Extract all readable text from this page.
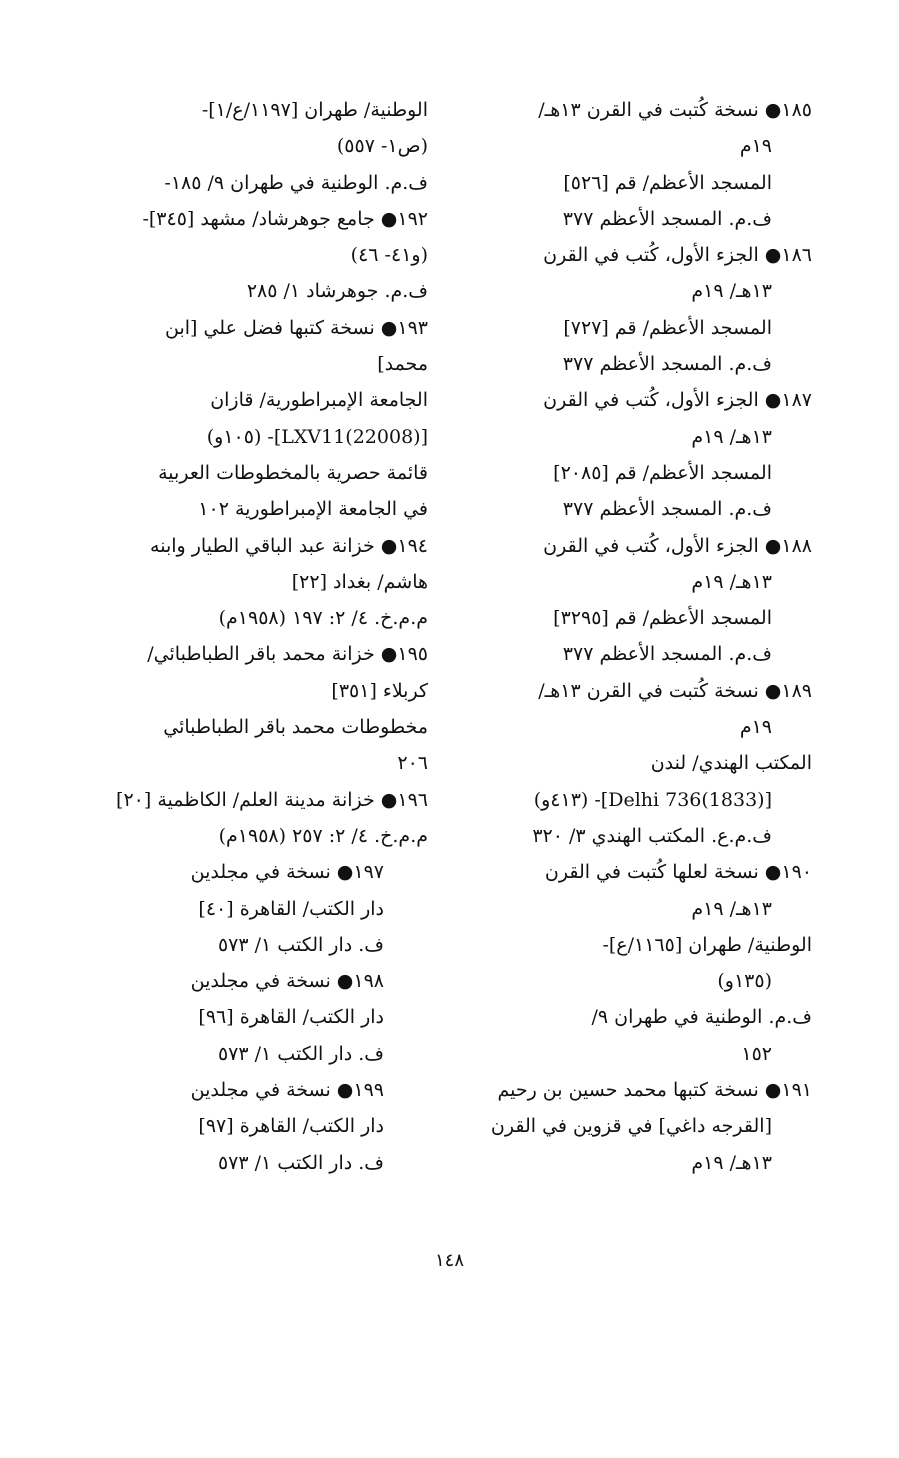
١٨٥● نسخة كُتبت في القرن ١٣هـ/
١٩م
المسجد الأعظم/ قم [٥٢٦]
ف.م. المسجد الأعظم ٣٧٧
١٨٦● الجزء الأول، كُتب في القرن
١٣هـ/ ١٩م
المسجد الأعظم/ قم [٧٢٧]
ف.م. المسجد الأعظم ٣٧٧
١٨٧● الجزء الأول، كُتب في القرن
١٣هـ/ ١٩م
المسجد الأعظم/ قم [٢٠٨٥]
ف.م. المسجد الأعظم ٣٧٧
١٨٨● الجزء الأول، كُتب في القرن
١٣هـ/ ١٩م
المسجد الأعظم/ قم [٣٢٩٥]
ف.م. المسجد الأعظم ٣٧٧
١٨٩● نسخة كُتبت في القرن ١٣هـ/
١٩م
المكتب الهندي/ لندن
[Delhi 736(1833)]- (٤١٣و)
ف.م.ع. المكتب الهندي ٣/ ٣٢٠
١٩٠● نسخة لعلها كُتبت في القرن
١٣هـ/ ١٩م
الوطنية/ طهران [١١٦٥/ع]-
(١٣٥و)
ف.م. الوطنية في طهران ٩/
١٥٢
١٩١● نسخة كتبها محمد حسين بن رحيم
[القرجه داغي] في قزوين في القرن
١٣هـ/ ١٩م
الوطنية/ طهران [١١٩٧/ع/١]-
(ص١- ٥٥٧)
ف.م. الوطنية في طهران ٩/ ١٨٥-
١٩٢● جامع جوهرشاد/ مشهد [٣٤٥]-
(و٤١- ٤٦)
ف.م. جوهرشاد ١/ ٢٨٥
١٩٣● نسخة كتبها فضل علي [ابن
محمد]
الجامعة الإمبراطورية/ قازان
[LXV11(22008)]- (١٠٥و)
قائمة حصرية بالمخطوطات العربية
في الجامعة الإمبراطورية ١٠٢
١٩٤● خزانة عبد الباقي الطيار وابنه
هاشم/ بغداد [٢٢]
م.م.خ. ٤/ ٢: ١٩٧ (١٩٥٨م)
١٩٥● خزانة محمد باقر الطباطبائي/
كربلاء [٣٥١]
مخطوطات محمد باقر الطباطبائي
٢٠٦
١٩٦● خزانة مدينة العلم/ الكاظمية [٢٠]
م.م.خ. ٤/ ٢: ٢٥٧ (١٩٥٨م)
١٩٧● نسخة في مجلدين
دار الكتب/ القاهرة [٤٠]
ف. دار الكتب ١/ ٥٧٣
١٩٨● نسخة في مجلدين
دار الكتب/ القاهرة [٩٦]
ف. دار الكتب ١/ ٥٧٣
١٩٩● نسخة في مجلدين
دار الكتب/ القاهرة [٩٧]
ف. دار الكتب ١/ ٥٧٣
١٤٨
